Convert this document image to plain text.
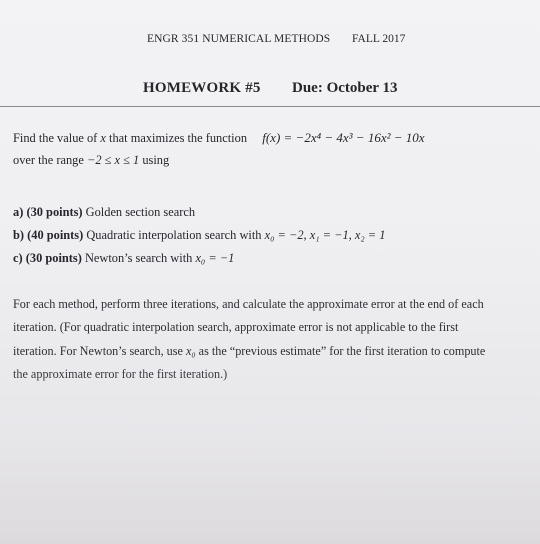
ENGR 351 NUMERICAL METHODS FALL 2017
HOMEWORK #5 Due: October 13
Find the value of x that maximizes the function f(x) = −2x⁴ − 4x³ − 16x² − 10x
over the range −2 ≤ x ≤ 1 using
a) (30 points) Golden section search
b) (40 points) Quadratic interpolation search with x₀ = −2, x₁ = −1, x₂ = 1
c) (30 points) Newton’s search with x₀ = −1
For each method, perform three iterations, and calculate the approximate error at the end of each
iteration. (For quadratic interpolation search, approximate error is not applicable to the first
iteration. For Newton’s search, use x₀ as the “previous estimate” for the first iteration to compute
the approximate error for the first iteration.)
